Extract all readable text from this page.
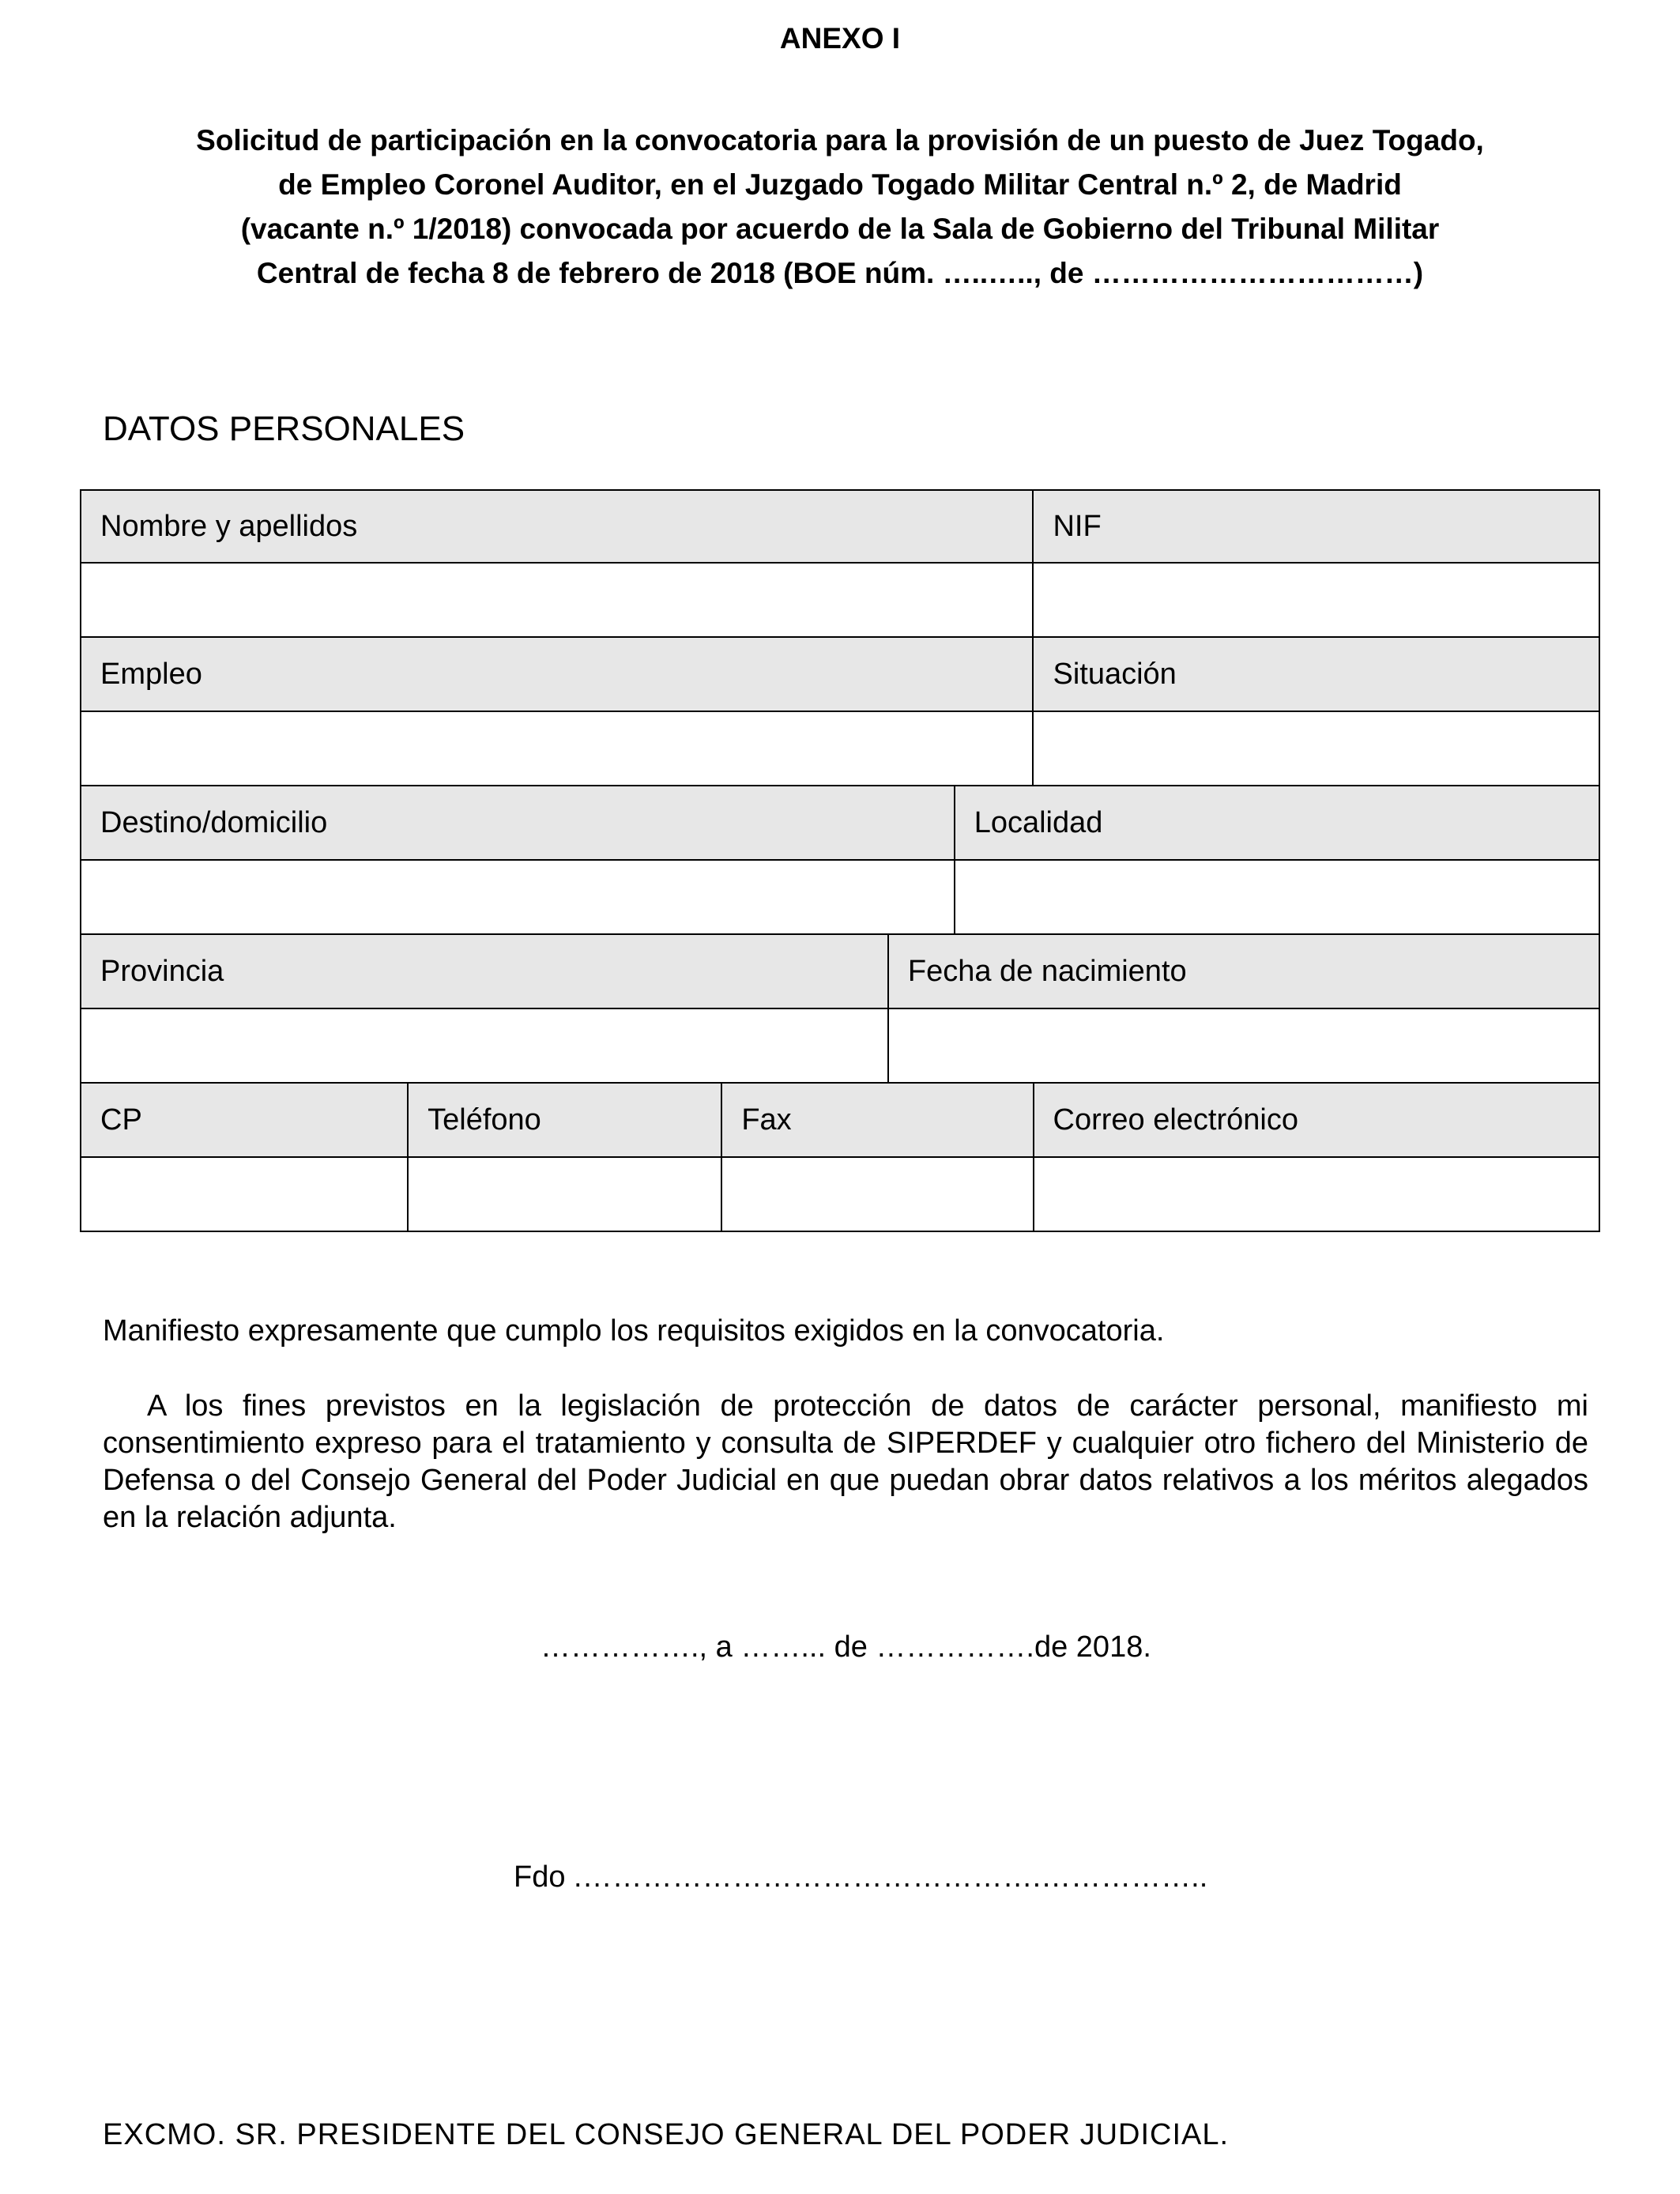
ANEXO I
Solicitud de participación en la convocatoria para la provisión de un puesto de Juez Togado,
de Empleo Coronel Auditor, en el Juzgado Togado Militar Central n.º 2, de Madrid
(vacante n.º 1/2018) convocada por acuerdo de la Sala de Gobierno del Tribunal Militar
Central de fecha 8 de febrero de 2018 (BOE núm. …..….., de ……………………………)
DATOS PERSONALES
Nombre y apellidos	NIF
Empleo	Situación
Destino/domicilio	Localidad
Provincia	Fecha de nacimiento
CP	Teléfono	Fax	Correo electrónico
Manifiesto expresamente que cumplo los requisitos exigidos en la convocatoria.
A los fines previstos en la legislación de protección de datos de carácter personal, manifiesto mi consentimiento expreso para el tratamiento y consulta de SIPERDEF y cualquier otro fichero del Ministerio de Defensa o del Consejo General del Poder Judicial en que puedan obrar datos relativos a los méritos alegados en la relación adjunta.
……………., a ……... de …………….de 2018.
Fdo .……………………………………….……………..
EXCMO. SR. PRESIDENTE DEL CONSEJO GENERAL DEL PODER JUDICIAL.
